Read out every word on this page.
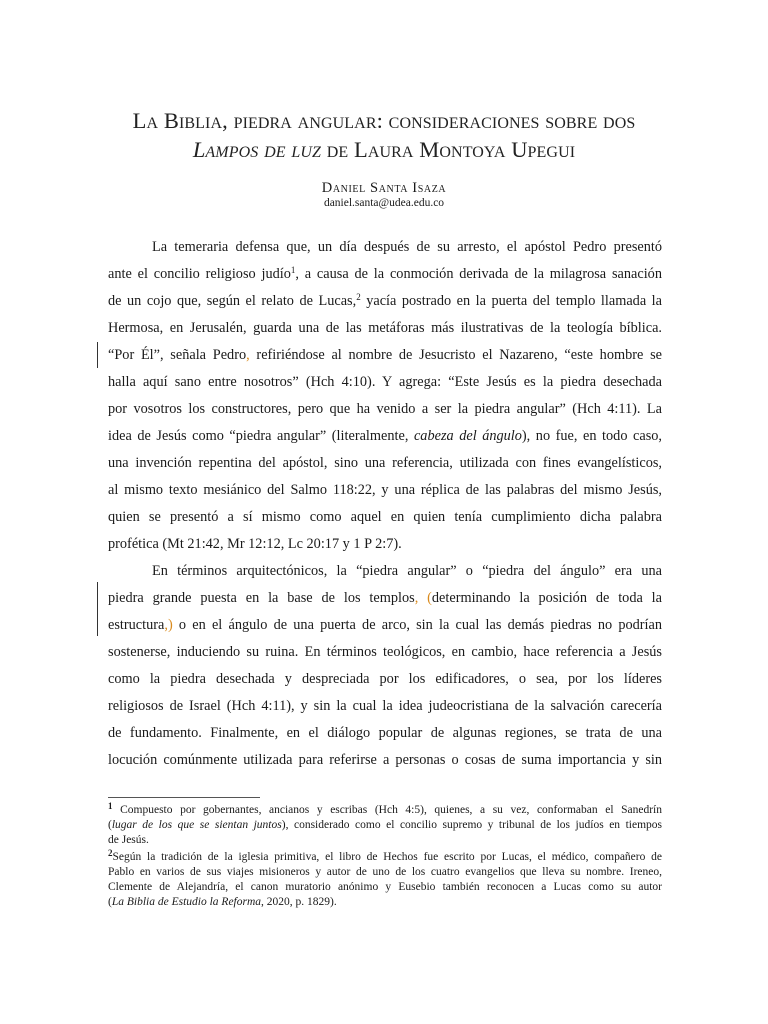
La Biblia, piedra angular: consideraciones sobre dos
Lampos de luz de Laura Montoya Upegui
Daniel Santa Isaza
daniel.santa@udea.edu.co
La temeraria defensa que, un día después de su arresto, el apóstol Pedro presentó
ante el concilio religioso judío$^1$, a causa de la conmoción derivada de la milagrosa sanación
de un cojo que, según el relato de Lucas,$^2$ yacía postrado en la puerta del templo llamada la
Hermosa, en Jerusalén, guarda una de las metáforas más ilustrativas de la teología bíblica.
“Por Él”, señala Pedro, refiriéndose al nombre de Jesucristo el Nazareno, “este hombre se
halla aquí sano entre nosotros” (Hch 4:10). Y agrega: “Este Jesús es la piedra desechada
por vosotros los constructores, pero que ha venido a ser la piedra angular” (Hch 4:11). La
idea de Jesús como “piedra angular” (literalmente, cabeza del ángulo), no fue, en todo caso,
una invención repentina del apóstol, sino una referencia, utilizada con fines evangelísticos,
al mismo texto mesiánico del Salmo 118:22, y una réplica de las palabras del mismo Jesús,
quien se presentó a sí mismo como aquel en quien tenía cumplimiento dicha palabra
profética (Mt 21:42, Mr 12:12, Lc 20:17 y 1 P 2:7).
En términos arquitectónicos, la “piedra angular” o “piedra del ángulo” era una
piedra grande puesta en la base de los templos, (determinando la posición de toda la
estructura,) o en el ángulo de una puerta de arco, sin la cual las demás piedras no podrían
sostenerse, induciendo su ruina. En términos teológicos, en cambio, hace referencia a Jesús
como la piedra desechada y despreciada por los edificadores, o sea, por los líderes
religiosos de Israel (Hch 4:11), y sin la cual la idea judeocristiana de la salvación carecería
de fundamento. Finalmente, en el diálogo popular de algunas regiones, se trata de una
locución comúnmente utilizada para referirse a personas o cosas de suma importancia y sin
$^1$ Compuesto por gobernantes, ancianos y escribas (Hch 4:5), quienes, a su vez, conformaban el Sanedrín
(lugar de los que se sientan juntos), considerado como el concilio supremo y tribunal de los judíos en tiempos
de Jesús.
$^2$Según la tradición de la iglesia primitiva, el libro de Hechos fue escrito por Lucas, el médico, compañero de
Pablo en varios de sus viajes misioneros y autor de uno de los cuatro evangelios que lleva su nombre. Ireneo,
Clemente de Alejandría, el canon muratorio anónimo y Eusebio también reconocen a Lucas como su autor
(La Biblia de Estudio la Reforma, 2020, p. 1829).
